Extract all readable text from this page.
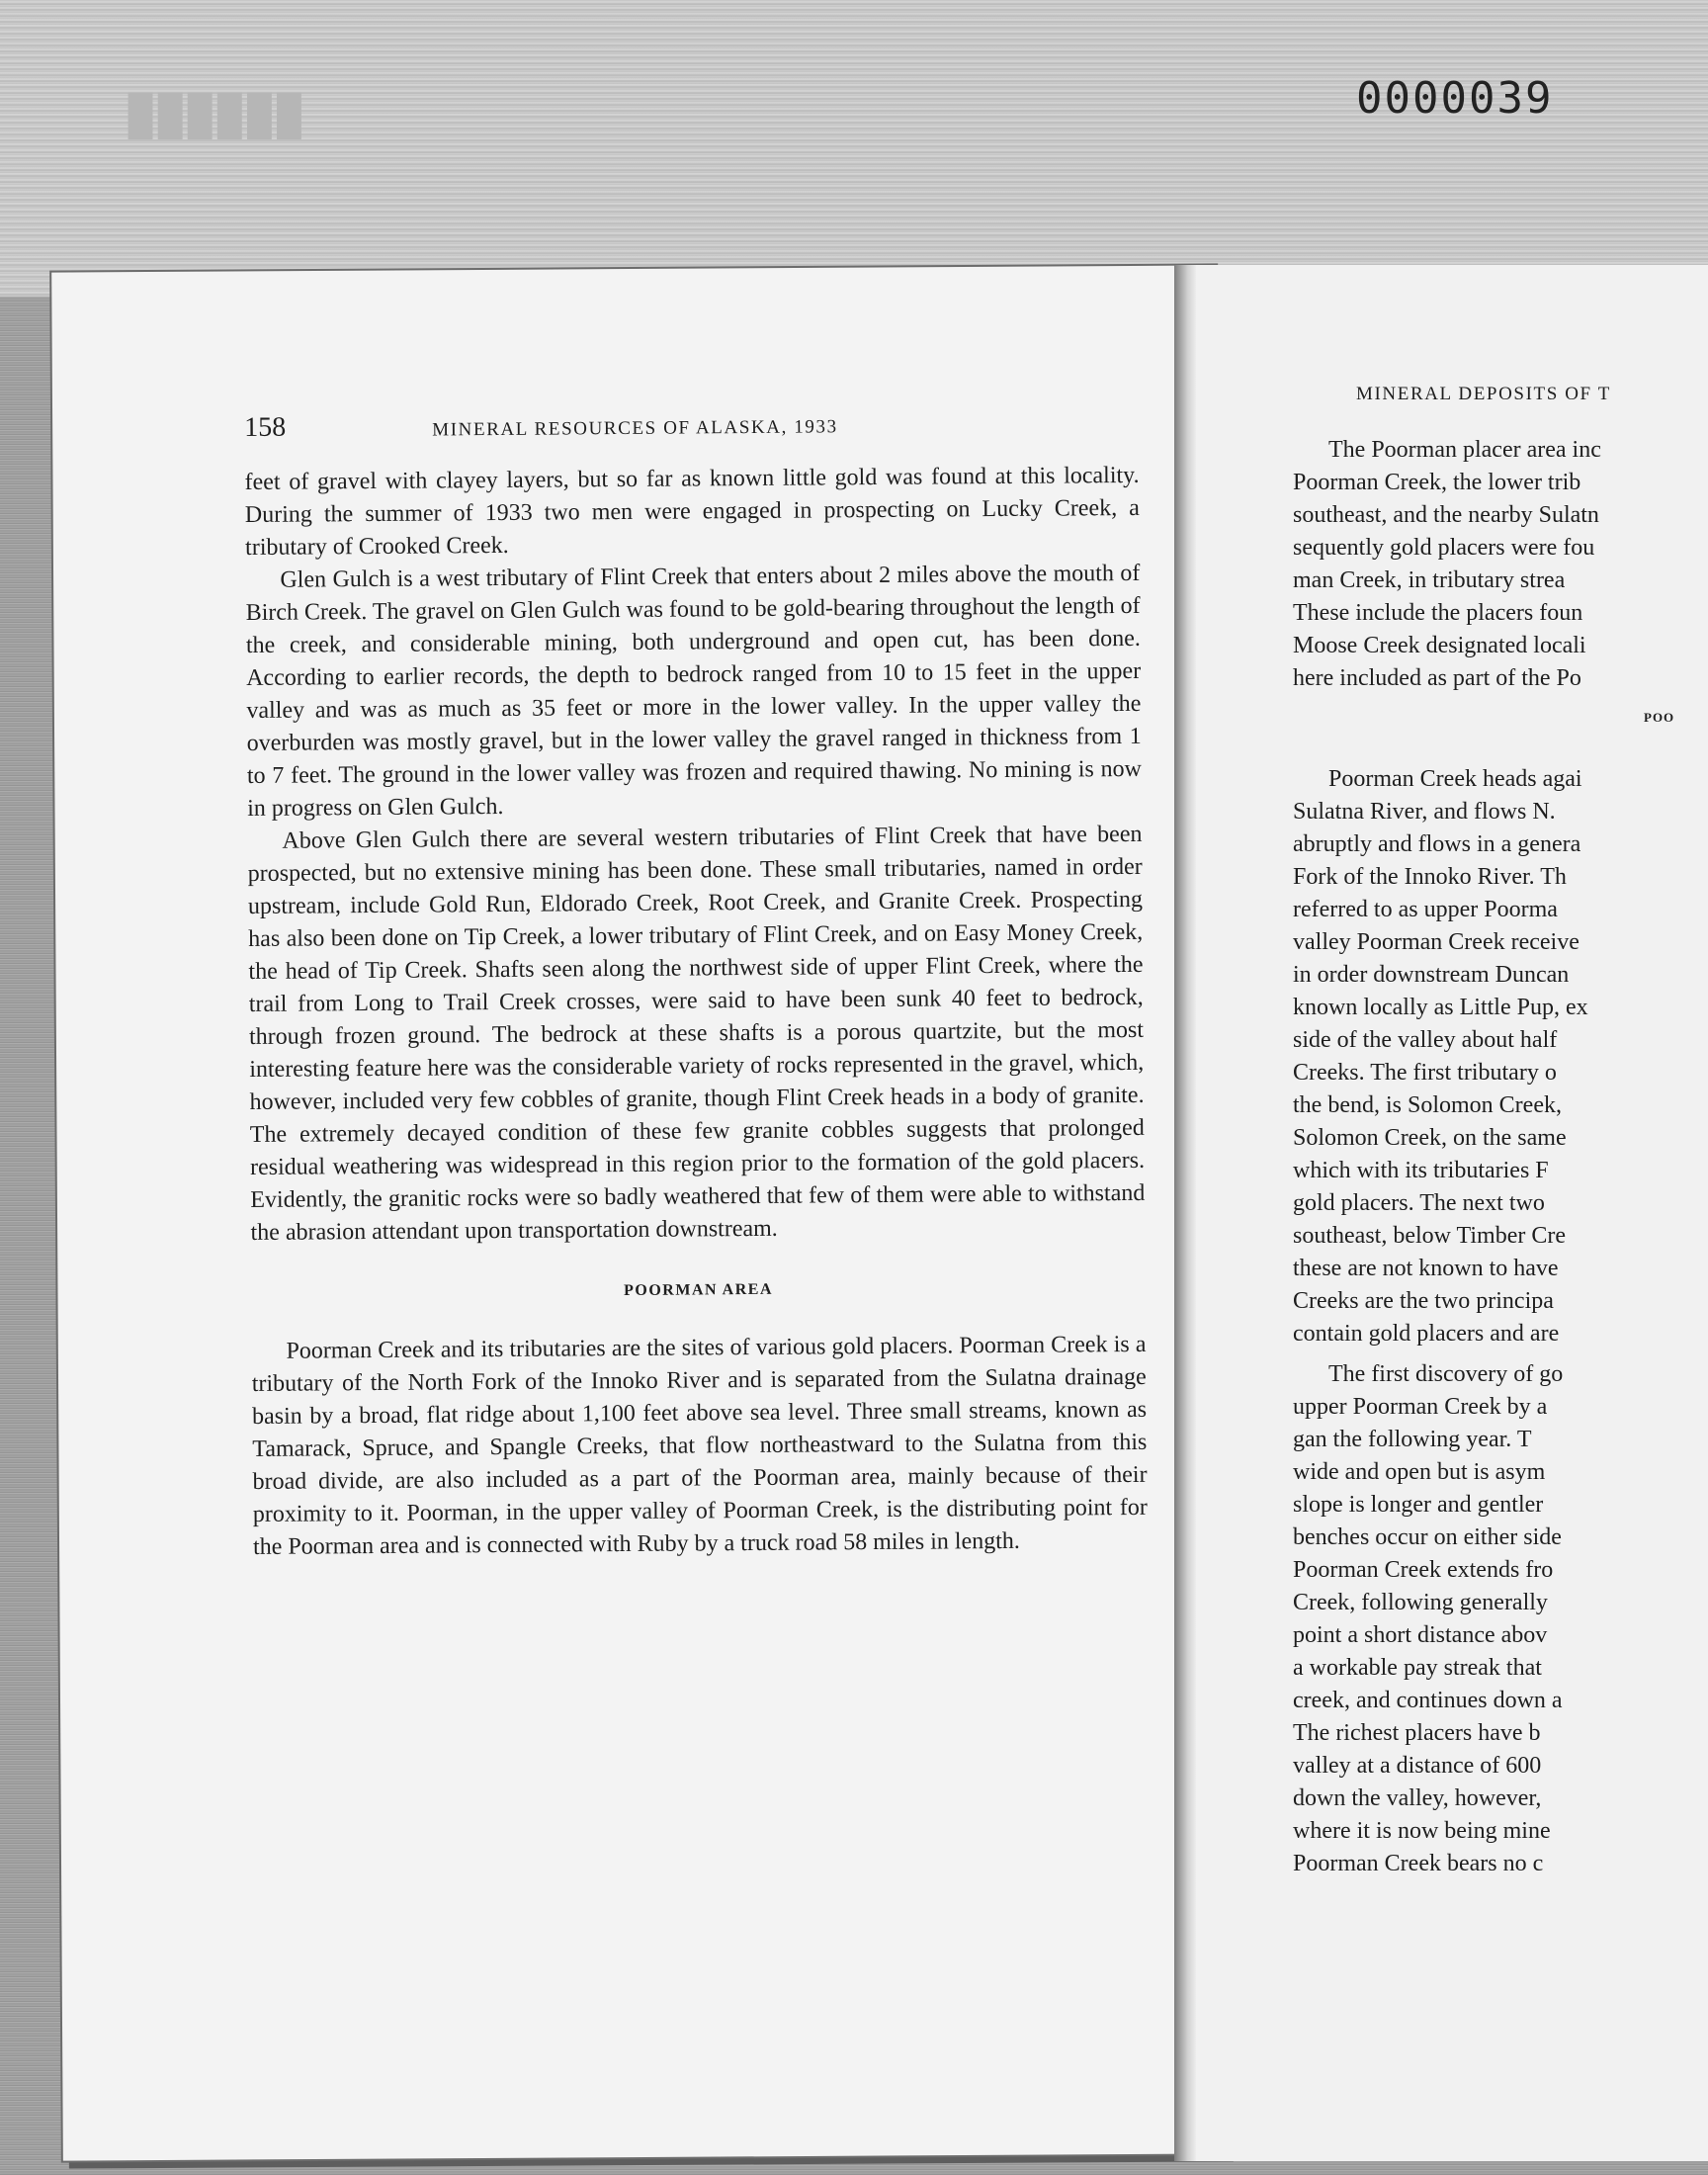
██████	0000039
158	MINERAL RESOURCES OF ALASKA, 1933

feet of gravel with clayey layers, but so far as known little gold was found at this locality. During the summer of 1933 two men were engaged in prospecting on Lucky Creek, a tributary of Crooked Creek.

Glen Gulch is a west tributary of Flint Creek that enters about 2 miles above the mouth of Birch Creek. The gravel on Glen Gulch was found to be gold-bearing throughout the length of the creek, and considerable mining, both underground and open cut, has been done. According to earlier records, the depth to bedrock ranged from 10 to 15 feet in the upper valley and was as much as 35 feet or more in the lower valley. In the upper valley the overburden was mostly gravel, but in the lower valley the gravel ranged in thickness from 1 to 7 feet. The ground in the lower valley was frozen and required thawing. No mining is now in progress on Glen Gulch.

Above Glen Gulch there are several western tributaries of Flint Creek that have been prospected, but no extensive mining has been done. These small tributaries, named in order upstream, include Gold Run, Eldorado Creek, Root Creek, and Granite Creek. Prospecting has also been done on Tip Creek, a lower tributary of Flint Creek, and on Easy Money Creek, the head of Tip Creek. Shafts seen along the northwest side of upper Flint Creek, where the trail from Long to Trail Creek crosses, were said to have been sunk 40 feet to bedrock, through frozen ground. The bedrock at these shafts is a porous quartzite, but the most interesting feature here was the considerable variety of rocks represented in the gravel, which, however, included very few cobbles of granite, though Flint Creek heads in a body of granite. The extremely decayed condition of these few granite cobbles suggests that prolonged residual weathering was widespread in this region prior to the formation of the gold placers. Evidently, the granitic rocks were so badly weathered that few of them were able to withstand the abrasion attendant upon transportation downstream.

POORMAN AREA

Poorman Creek and its tributaries are the sites of various gold placers. Poorman Creek is a tributary of the North Fork of the Innoko River and is separated from the Sulatna drainage basin by a broad, flat ridge about 1,100 feet above sea level. Three small streams, known as Tamarack, Spruce, and Spangle Creeks, that flow northeastward to the Sulatna from this broad divide, are also included as a part of the Poorman area, mainly because of their proximity to it. Poorman, in the upper valley of Poorman Creek, is the distributing point for the Poorman area and is connected with Ruby by a truck road 58 miles in length.

MINERAL DEPOSITS OF T

The Poorman placer area inc

Poorman Creek, the lower trib

southeast, and the nearby Sulatn

sequently gold placers were fou

man Creek, in tributary strea

These include the placers foun

Moose Creek designated locali

here included as part of the Po

POO

Poorman Creek heads agai

Sulatna River, and flows N.

abruptly and flows in a genera

Fork of the Innoko River. Th

referred to as upper Poorma

valley Poorman Creek receive

in order downstream Duncan

known locally as Little Pup, ex

side of the valley about half

Creeks. The first tributary o

the bend, is Solomon Creek,

Solomon Creek, on the same

which with its tributaries F

gold placers. The next two

southeast, below Timber Cre

these are not known to have

Creeks are the two principa

contain gold placers and are

The first discovery of go

upper Poorman Creek by a

gan the following year. T

wide and open but is asym

slope is longer and gentler

benches occur on either side

Poorman Creek extends fro

Creek, following generally

point a short distance abov

a workable pay streak that

creek, and continues down a

The richest placers have b

valley at a distance of 600

down the valley, however,

where it is now being mine

Poorman Creek bears no c
